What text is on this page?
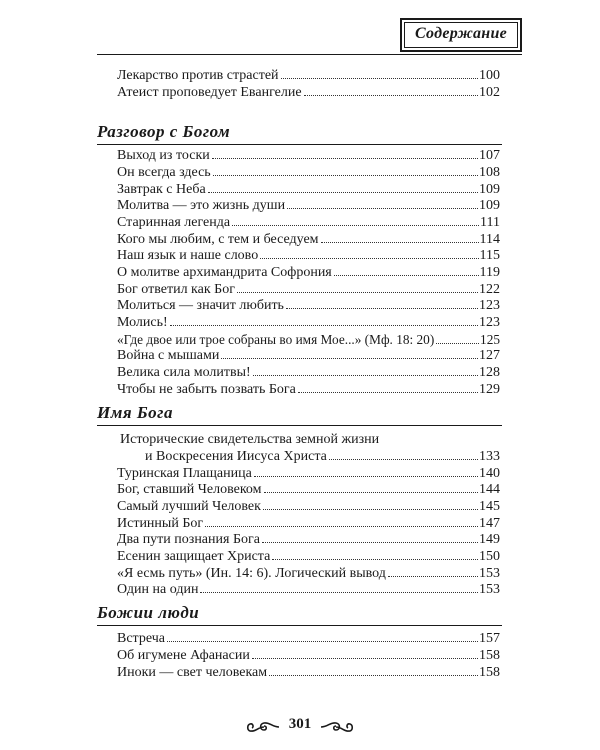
Содержание
Лекарство против страстей	100
Атеист проповедует Евангелие	102
Разговор с Богом
Выход из тоски	107
Он всегда здесь	108
Завтрак с Неба	109
Молитва — это жизнь души	109
Старинная легенда	111
Кого мы любим, с тем и беседуем	114
Наш язык и наше слово	115
О молитве архимандрита Софрония	119
Бог ответил как Бог	122
Молиться — значит любить	123
Молись!	123
«Где двое или трое собраны во имя Мое...» (Мф. 18: 20)	125
Война с мышами	127
Велика сила молитвы!	128
Чтобы не забыть позвать Бога	129
Имя Бога
Исторические свидетельства земной жизни
и Воскресения Иисуса Христа	133
Туринская Плащаница	140
Бог, ставший Человеком	144
Самый лучший Человек	145
Истинный Бог	147
Два пути познания Бога	149
Есенин защищает Христа	150
«Я есмь путь» (Ин. 14: 6). Логический вывод	153
Один на один	153
Божии люди
Встреча	157
Об игумене Афанасии	158
Иноки — свет человекам	158
301
